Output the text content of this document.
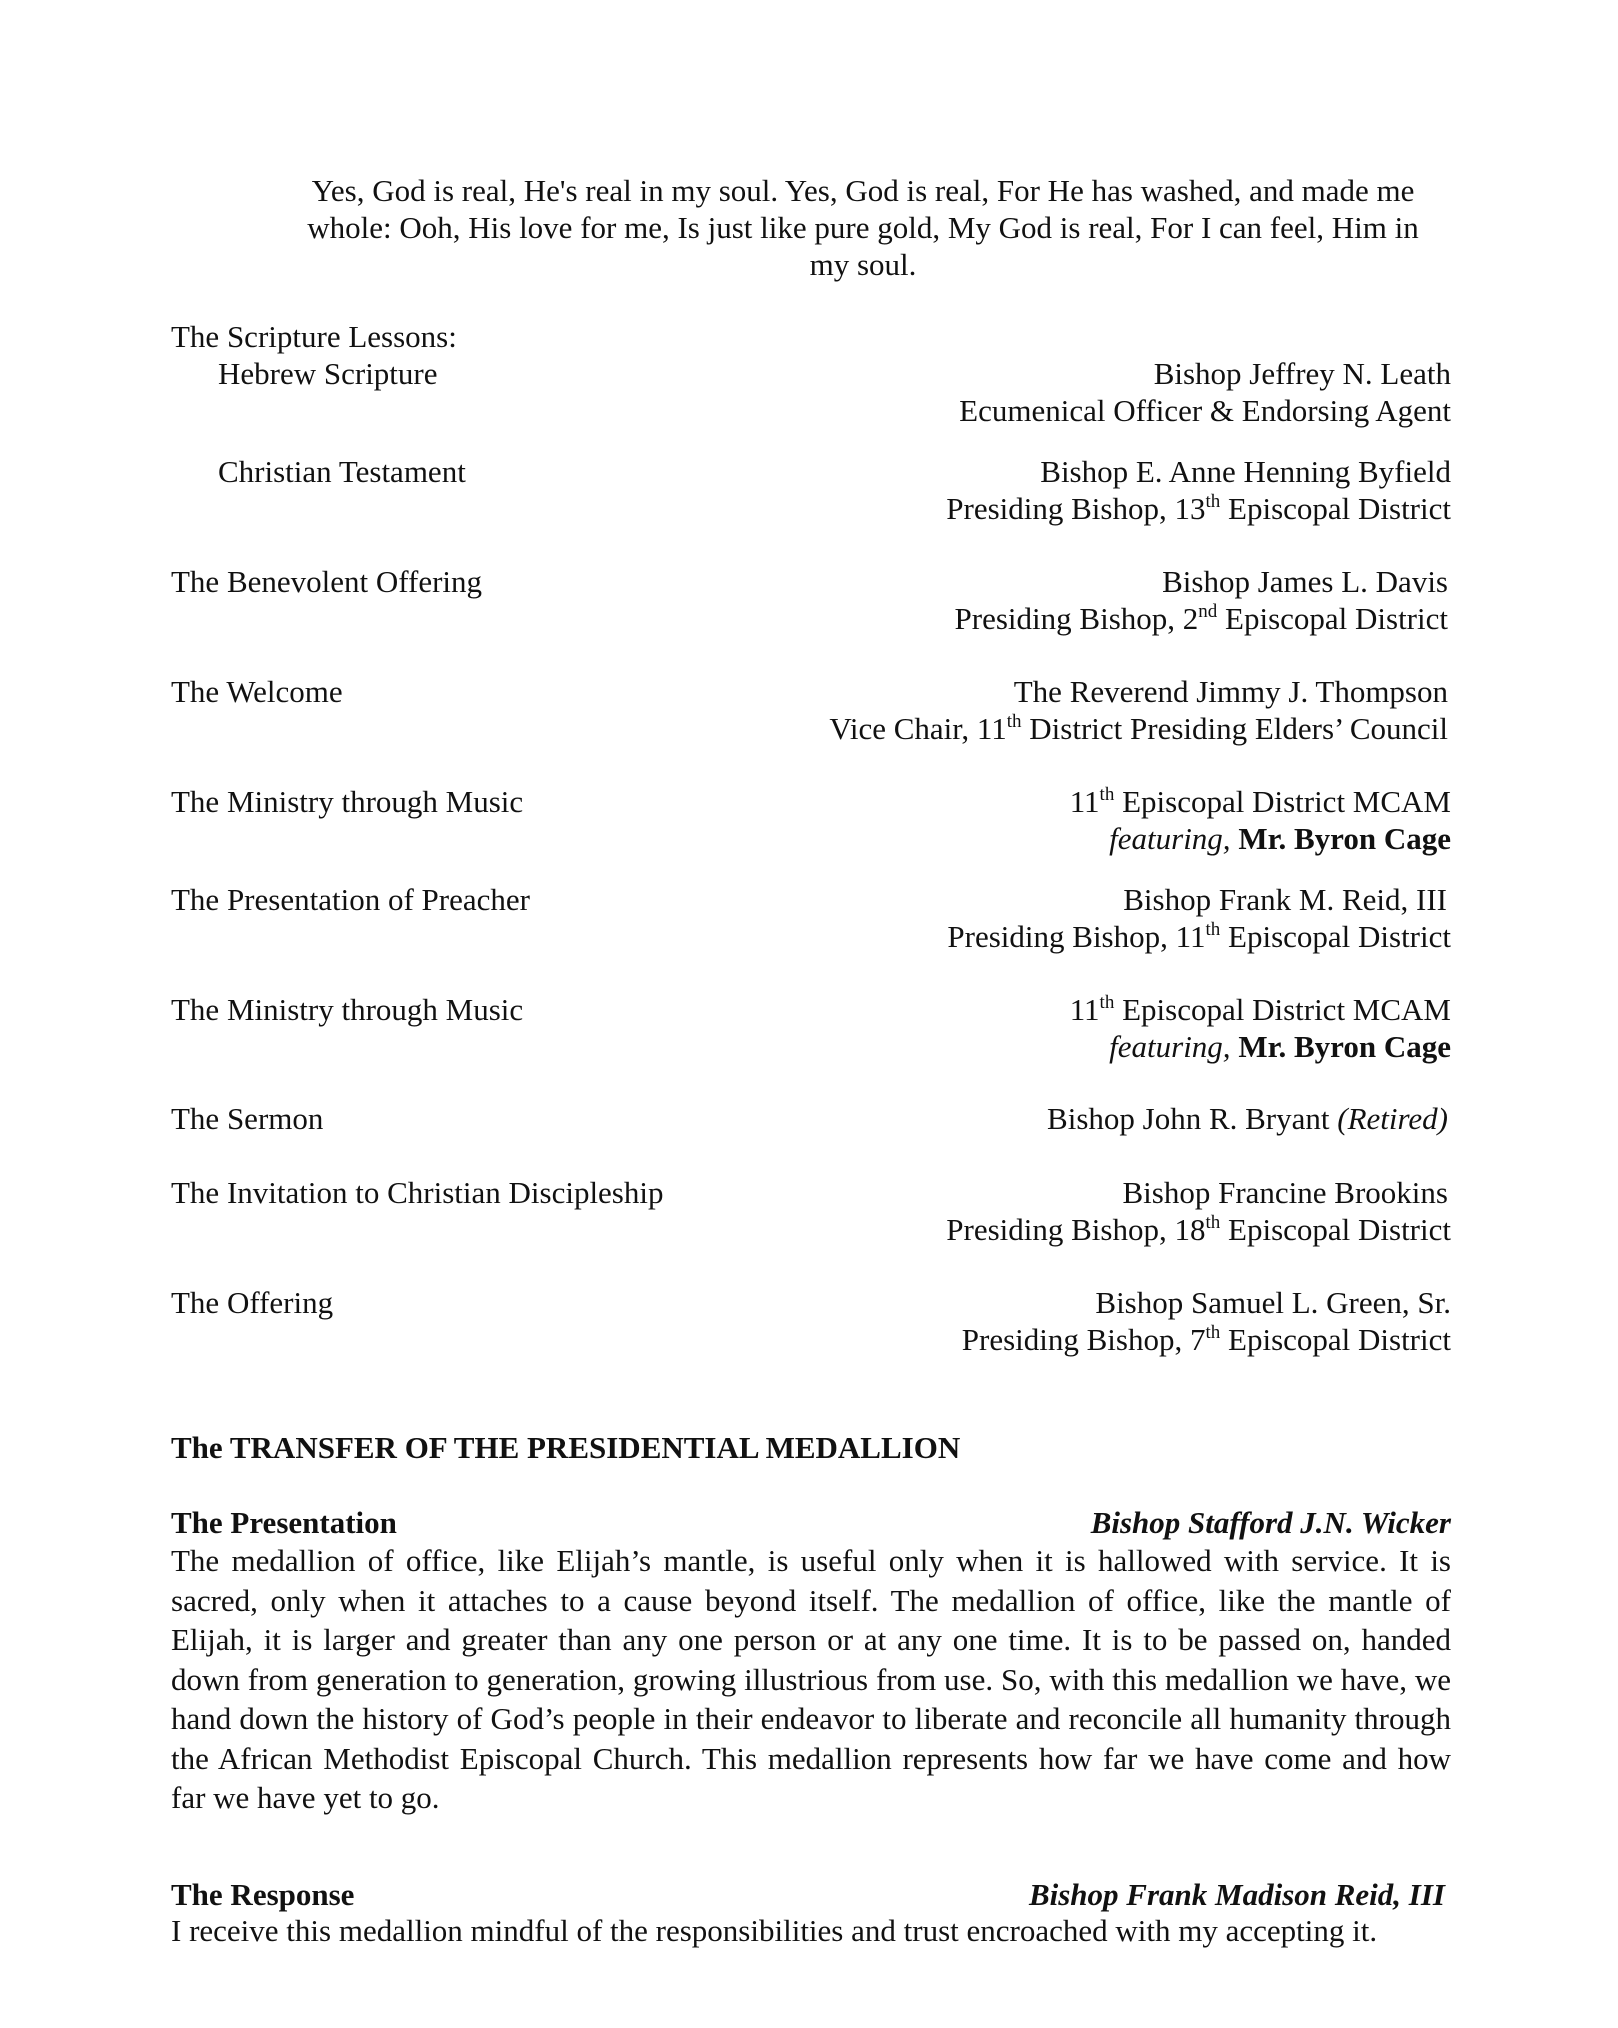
Yes, God is real, He's real in my soul. Yes, God is real, For He has washed, and made me
whole: Ooh, His love for me, Is just like pure gold, My God is real, For I can feel, Him in
my soul.
The Scripture Lessons:
Hebrew Scripture	Bishop Jeffrey N. Leath
Ecumenical Officer & Endorsing Agent
Christian Testament	Bishop E. Anne Henning Byfield
Presiding Bishop, 13th Episcopal District
The Benevolent Offering	Bishop James L. Davis
Presiding Bishop, 2nd Episcopal District
The Welcome	The Reverend Jimmy J. Thompson
Vice Chair, 11th District Presiding Elders’ Council
The Ministry through Music	11th Episcopal District MCAM
featuring, Mr. Byron Cage
The Presentation of Preacher	Bishop Frank M. Reid, III
Presiding Bishop, 11th Episcopal District
The Ministry through Music	11th Episcopal District MCAM
featuring, Mr. Byron Cage
The Sermon	Bishop John R. Bryant (Retired)
The Invitation to Christian Discipleship	Bishop Francine Brookins
Presiding Bishop, 18th Episcopal District
The Offering	Bishop Samuel L. Green, Sr.
Presiding Bishop, 7th Episcopal District
The TRANSFER OF THE PRESIDENTIAL MEDALLION
The Presentation	Bishop Stafford J.N. Wicker
The medallion of office, like Elijah’s mantle, is useful only when it is hallowed with service. It is sacred, only when it attaches to a cause beyond itself. The medallion of office, like the mantle of Elijah, it is larger and greater than any one person or at any one time. It is to be passed on, handed down from generation to generation, growing illustrious from use. So, with this medallion we have, we hand down the history of God’s people in their endeavor to liberate and reconcile all humanity through the African Methodist Episcopal Church. This medallion represents how far we have come and how far we have yet to go.
The Response	Bishop Frank Madison Reid, III
I receive this medallion mindful of the responsibilities and trust encroached with my accepting it.
